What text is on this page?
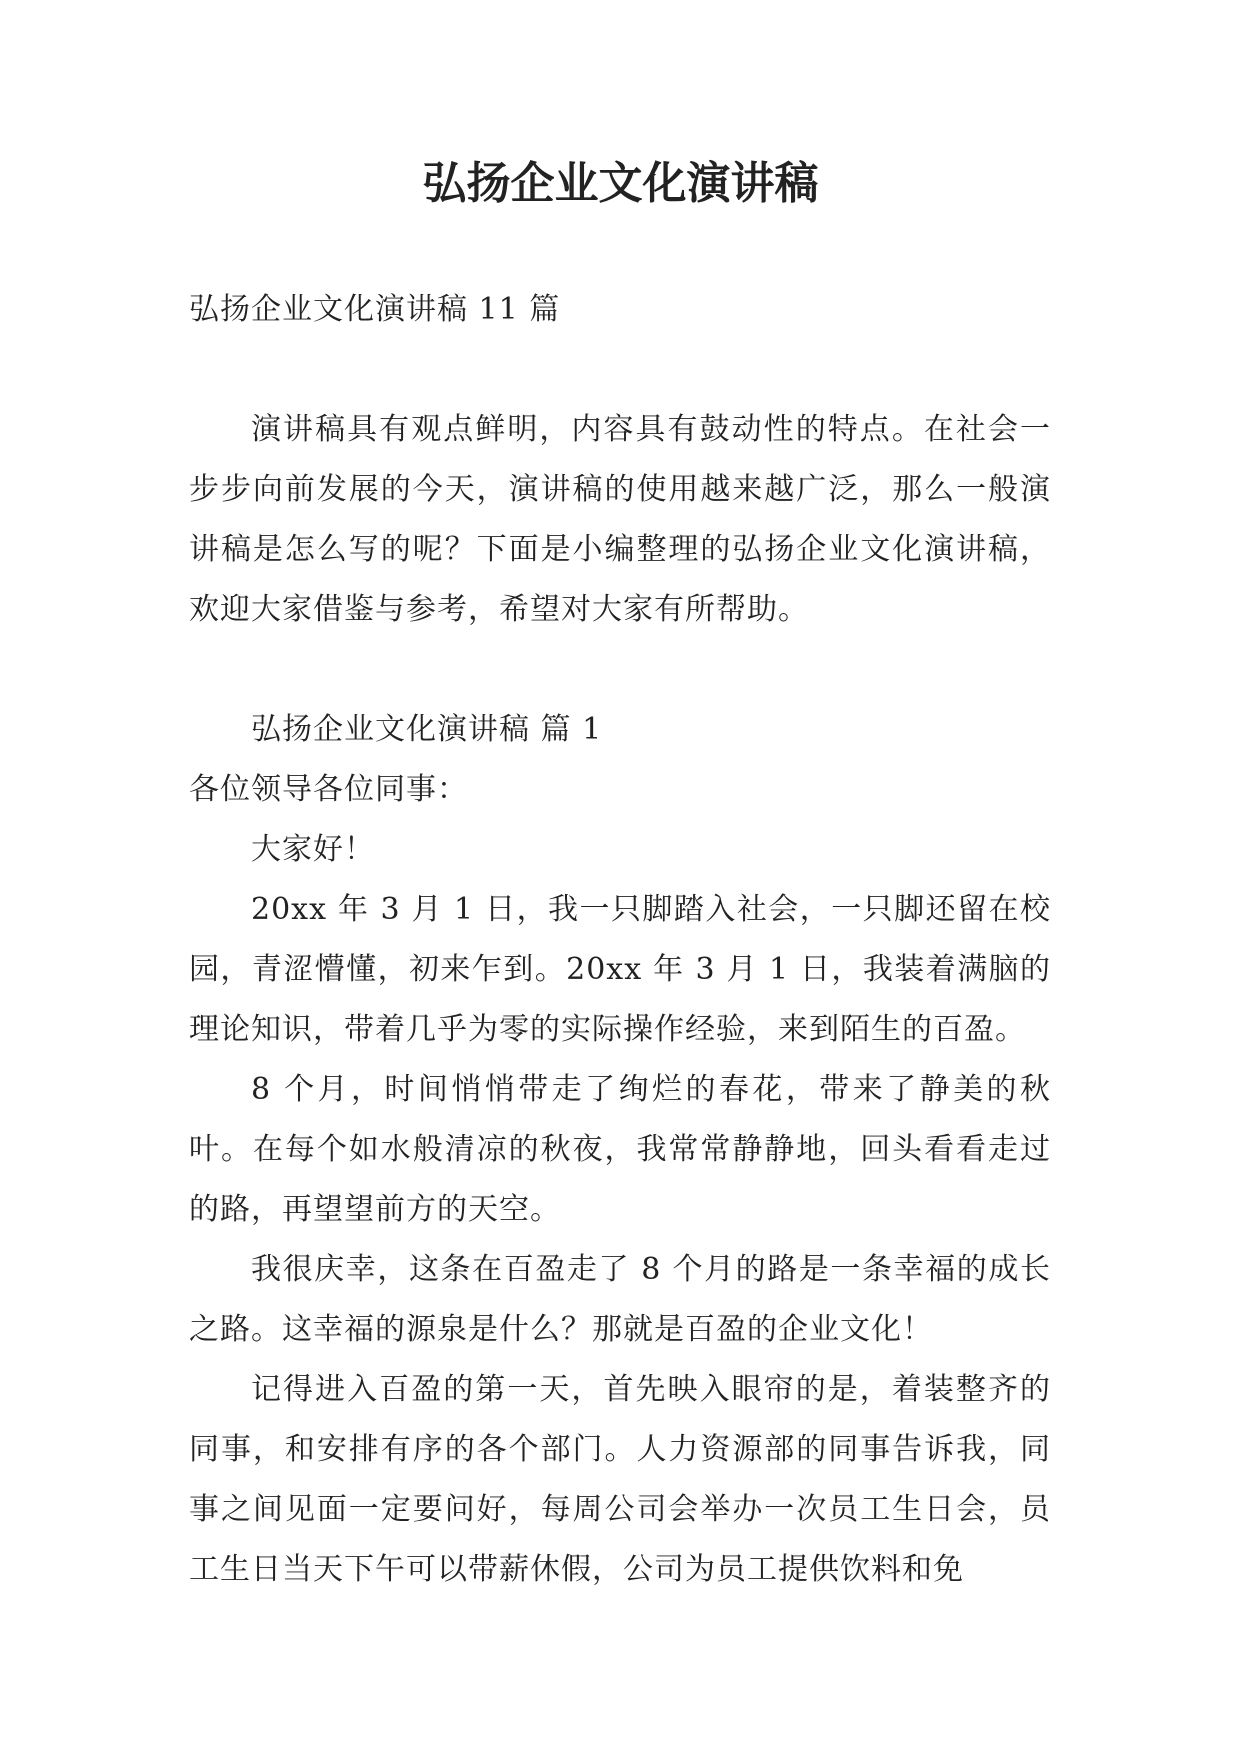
弘扬企业文化演讲稿

弘扬企业文化演讲稿 11 篇

演讲稿具有观点鲜明，内容具有鼓动性的特点。在社会一步步向前发展的今天，演讲稿的使用越来越广泛，那么一般演讲稿是怎么写的呢？下面是小编整理的弘扬企业文化演讲稿，欢迎大家借鉴与参考，希望对大家有所帮助。

弘扬企业文化演讲稿 篇 1

各位领导各位同事：

大家好！

20xx 年 3 月 1 日，我一只脚踏入社会，一只脚还留在校园，青涩懵懂，初来乍到。20xx 年 3 月 1 日，我装着满脑的理论知识，带着几乎为零的实际操作经验，来到陌生的百盈。

8 个月，时间悄悄带走了绚烂的春花，带来了静美的秋叶。在每个如水般清凉的秋夜，我常常静静地，回头看看走过的路，再望望前方的天空。

我很庆幸，这条在百盈走了 8 个月的路是一条幸福的成长之路。这幸福的源泉是什么？那就是百盈的企业文化！

记得进入百盈的第一天，首先映入眼帘的是，着装整齐的同事，和安排有序的各个部门。人力资源部的同事告诉我，同事之间见面一定要问好，每周公司会举办一次员工生日会，员工生日当天下午可以带薪休假，公司为员工提供饮料和免
